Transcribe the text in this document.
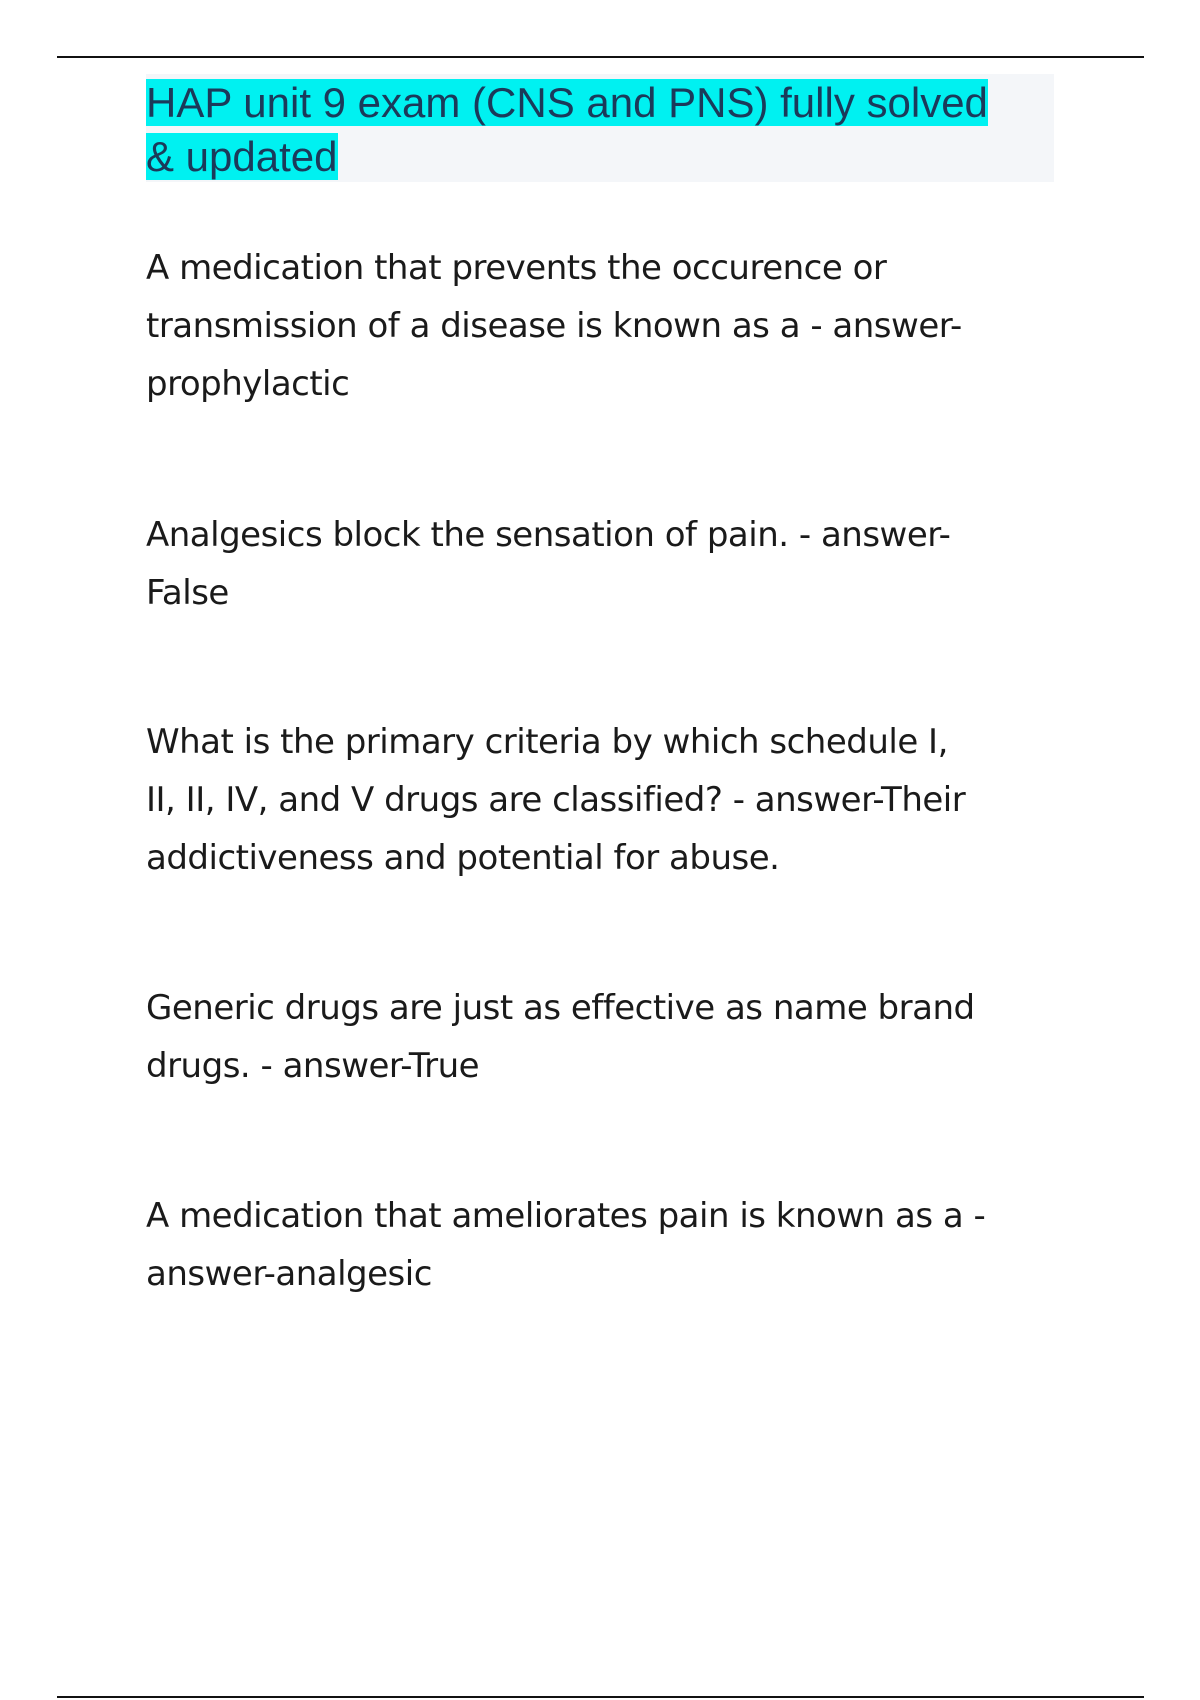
HAP unit 9 exam (CNS and PNS) fully solved
& updated

A medication that prevents the occurence or
transmission of a disease is known as a - answer-
prophylactic

Analgesics block the sensation of pain. - answer-
False

What is the primary criteria by which schedule I,
II, II, IV, and V drugs are classified? - answer-Their
addictiveness and potential for abuse.

Generic drugs are just as effective as name brand
drugs. - answer-True

A medication that ameliorates pain is known as a -
answer-analgesic
